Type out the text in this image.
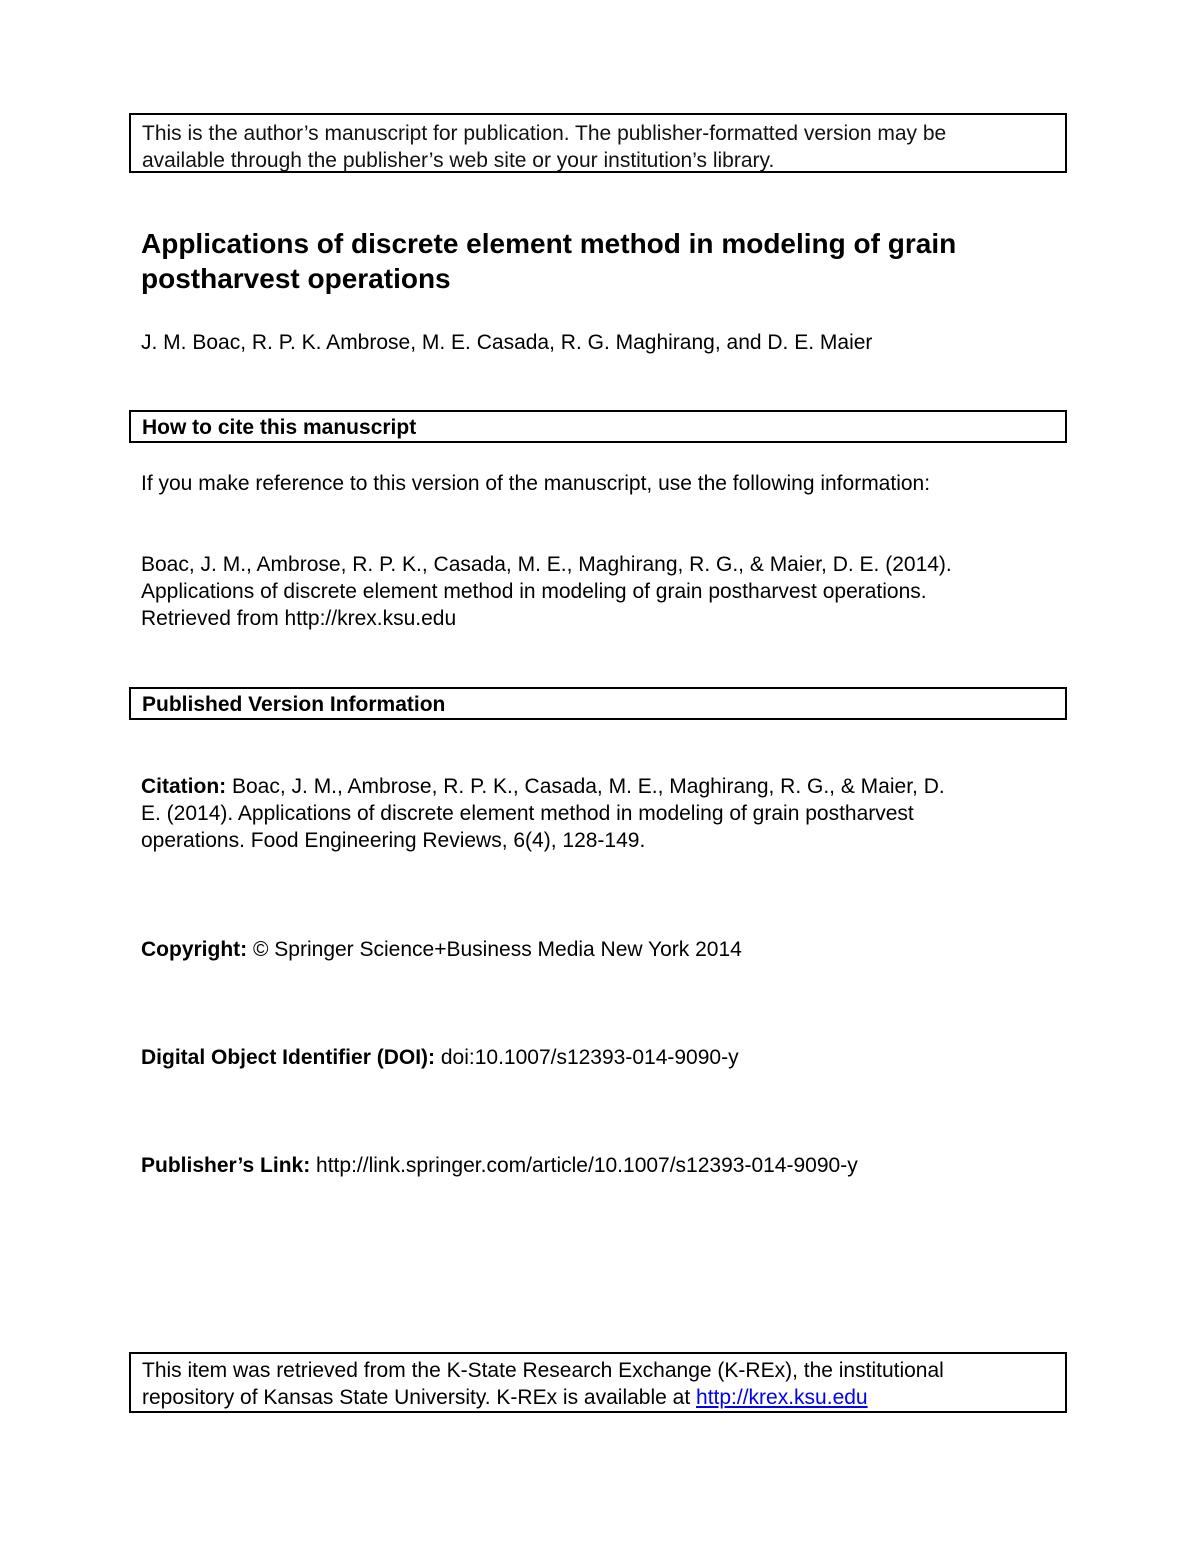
This is the author’s manuscript for publication. The publisher-formatted version may be
available through the publisher’s web site or your institution’s library.
Applications of discrete element method in modeling of grain
postharvest operations
J. M. Boac, R. P. K. Ambrose, M. E. Casada, R. G. Maghirang, and D. E. Maier
How to cite this manuscript
If you make reference to this version of the manuscript, use the following information:
Boac, J. M., Ambrose, R. P. K., Casada, M. E., Maghirang, R. G., & Maier, D. E. (2014).
Applications of discrete element method in modeling of grain postharvest operations.
Retrieved from http://krex.ksu.edu
Published Version Information
Citation: Boac, J. M., Ambrose, R. P. K., Casada, M. E., Maghirang, R. G., & Maier, D.
E. (2014). Applications of discrete element method in modeling of grain postharvest
operations. Food Engineering Reviews, 6(4), 128-149.
Copyright: © Springer Science+Business Media New York 2014
Digital Object Identifier (DOI): doi:10.1007/s12393-014-9090-y
Publisher’s Link: http://link.springer.com/article/10.1007/s12393-014-9090-y
This item was retrieved from the K-State Research Exchange (K-REx), the institutional
repository of Kansas State University. K-REx is available at http://krex.ksu.edu
